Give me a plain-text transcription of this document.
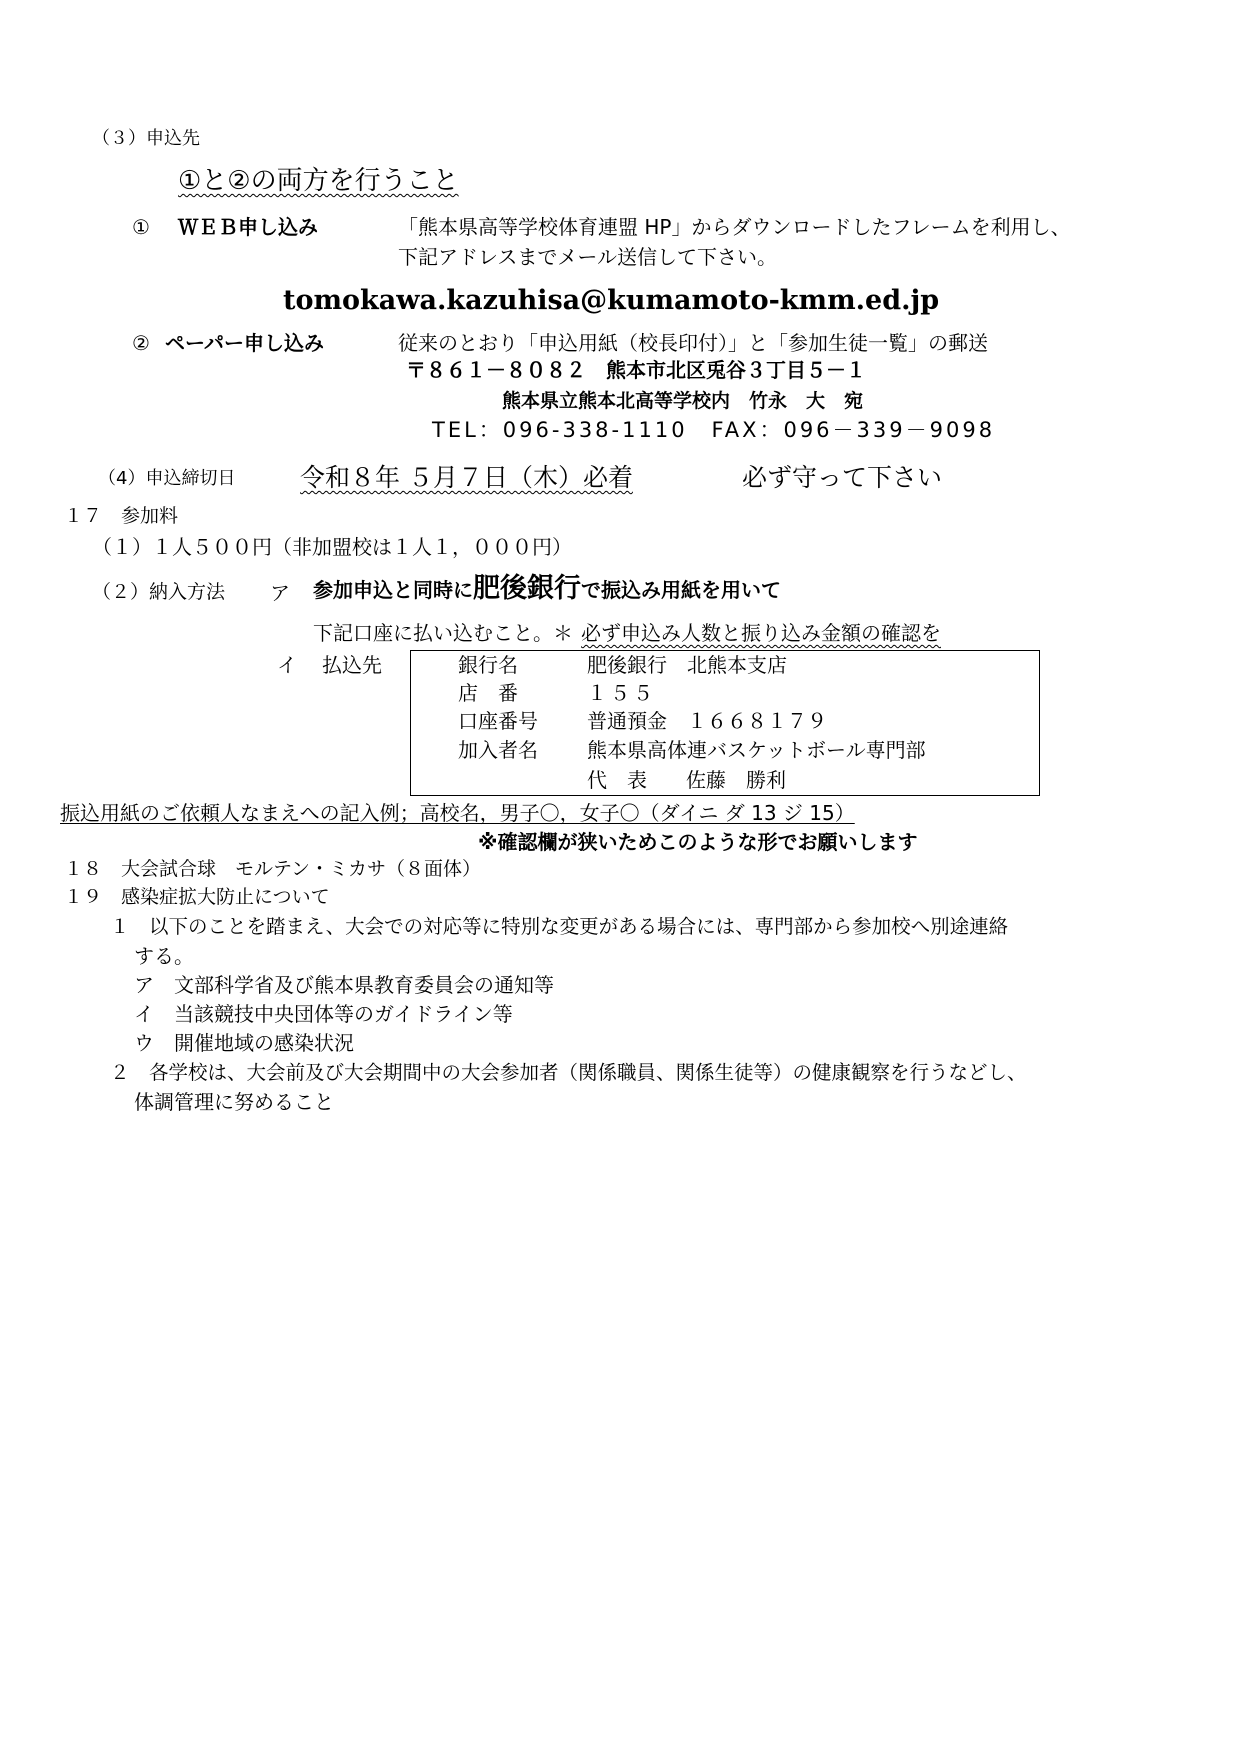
（３）申込先
①と②の両方を行うこと
① ＷＥＢ申し込み	「熊本県高等学校体育連盟 HP」からダウンロードしたフレームを利用し、
下記アドレスまでメール送信して下さい。
tomokawa.kazuhisa@kumamoto-kmm.ed.jp
② ペーパー申し込み	従来のとおり「申込用紙（校長印付）」と「参加生徒一覧」の郵送
〒８６１－８０８２　熊本市北区兎谷３丁目５－１
熊本県立熊本北高等学校内　竹永　大　宛
TEL：096-338-1110　FAX：096－339－9098
（4）申込締切日	令和８年 ５月７日（木）必着	必ず守って下さい
１７　参加料
（１）１人５００円（非加盟校は１人１，０００円）
（２）納入方法 ア 参加申込と同時に肥後銀行で振込み用紙を用いて
下記口座に払い込むこと。＊ 必ず申込み人数と振り込み金額の確認を
イ 払込先	銀行名	肥後銀行　北熊本支店
店　番	１５５
口座番号 普通預金　１６６８１７９
加入者名 熊本県高体連バスケットボール専門部
代　表 佐藤　勝利
振込用紙のご依頼人なまえへの記入例；高校名，男子〇，女子〇（ダイニ ダ 13 ジ 15）
※確認欄が狭いためこのような形でお願いします
１８　大会試合球　モルテン・ミカサ（８面体）
１９　感染症拡大防止について
１　以下のことを踏まえ、大会での対応等に特別な変更がある場合には、専門部から参加校へ別途連絡
する。
ア　文部科学省及び熊本県教育委員会の通知等
イ　当該競技中央団体等のガイドライン等
ウ　開催地域の感染状況
２　各学校は、大会前及び大会期間中の大会参加者（関係職員、関係生徒等）の健康観察を行うなどし、
体調管理に努めること
